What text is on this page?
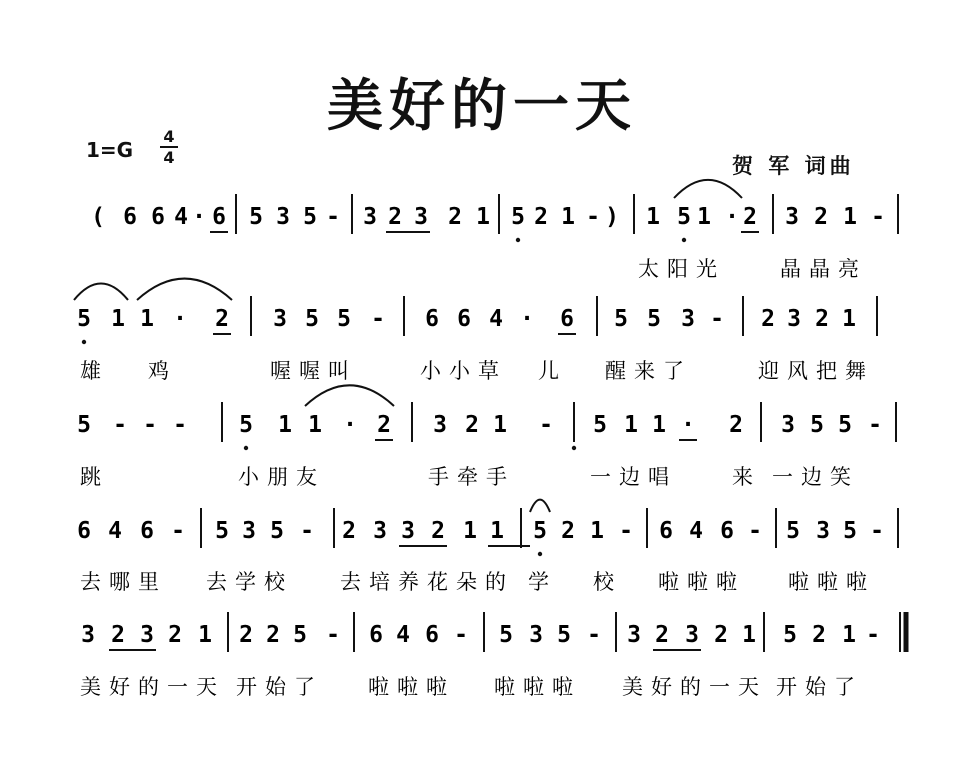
美好的一天
1=G
4
4	贺 军 词曲
( 6 6 4 · 6 5 3 5 - 3 2 3 2 1 5 2 1 - ) 1 5 1 · 2 3 2 1 -
太阳光	晶晶亮
5 1 1 · 2 3 5 5 - 6 6 4 · 6 5 5 3 - 2 3 2 1
雄 鸡	喔喔叫	小小草 儿 醒来了	迎风把舞
5 - - - 5 1 1 · 2 3 2 1 - 5 1 1 · 2 3 5 5 -
跳	小朋友	手牵手	一边唱	来 一边笑
6 4 6 - 5 3 5 - 2 3 3 2 1 1 5 2 1 - 6 4 6 - 5 3 5 -
去哪里 去学校 去培养花朵的 学 校 啦啦啦 啦啦啦
3 2 3 2 1 2 2 5 - 6 4 6 - 5 3 5 - 3 2 3 2 1 5 2 1 -
美好的一天 开始了 啦啦啦 啦啦啦 美好的一天 开始了
